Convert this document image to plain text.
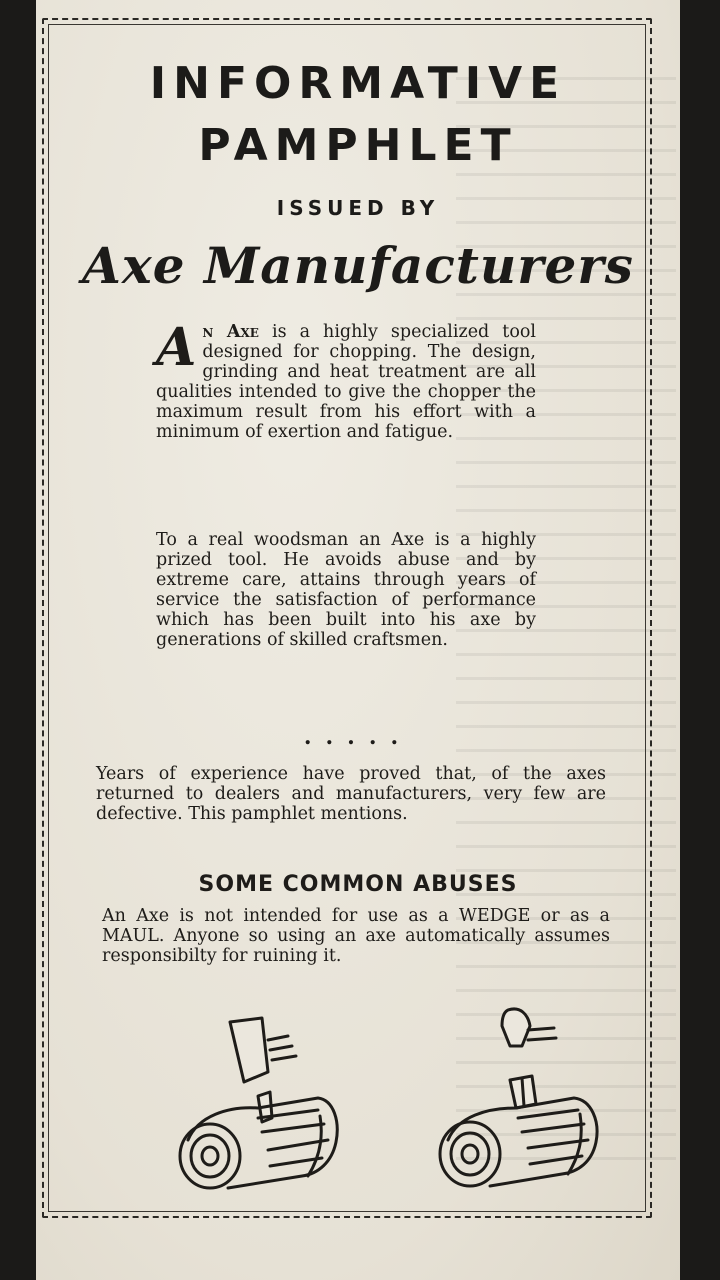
INFORMATIVE
PAMPHLET
ISSUED BY
Axe Manufacturers
An Axe is a highly specialized tool designed for chopping. The design, grinding and heat treatment are all qualities intended to give the chopper the maximum result from his effort with a minimum of exertion and fatigue.
To a real woodsman an Axe is a highly prized tool. He avoids abuse and by extreme care, attains through years of service the satisfaction of performance which has been built into his axe by generations of skilled craftsmen.
.....
Years of experience have proved that, of the axes returned to dealers and manufacturers, very few are defective. This pamphlet mentions.
SOME COMMON ABUSES
An Axe is not intended for use as a WEDGE or as a MAUL. Anyone so using an axe automatically assumes responsibilty for ruining it.
